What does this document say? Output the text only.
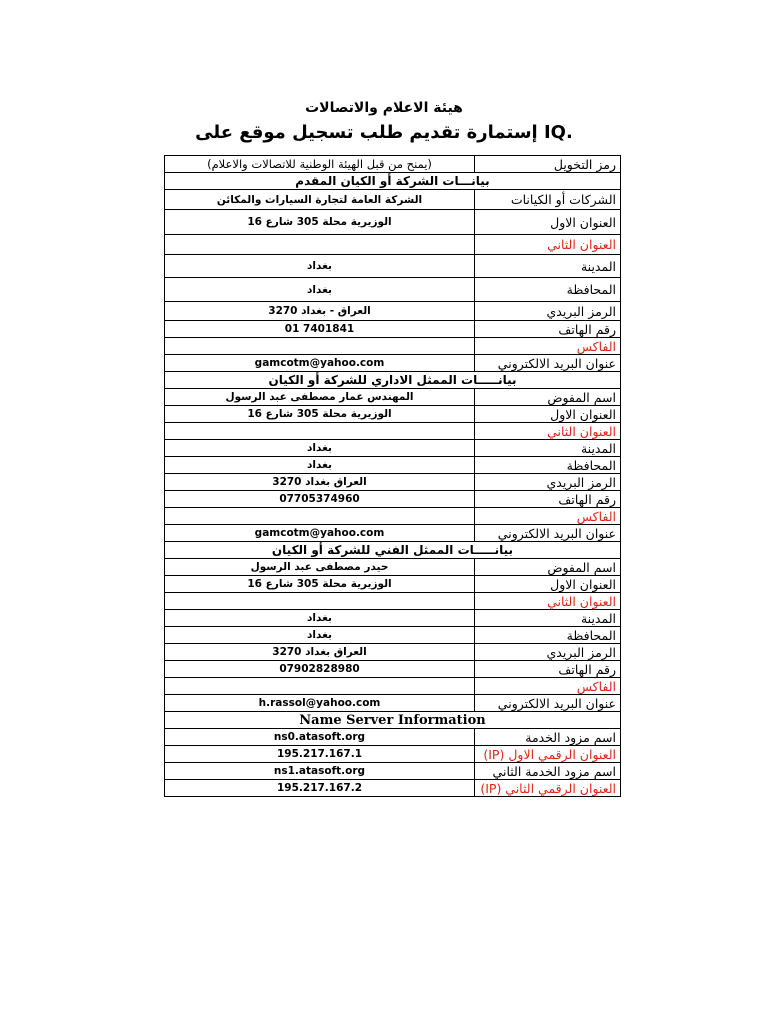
هيئة الاعلام والاتصالات
إستمارة تقديم طلب تسجيل موقع على IQ.
(يمنح من قبل الهيئة الوطنية للاتصالات والاعلام)	رمز التخويل
بيانـــات الشركة أو الكيان المقدم	
الشركة العامة لتجارة السيارات والمكائن	الشركات أو الكيانات
الوزيرية محلة 305 شارع 16	العنوان الاول
	العنوان الثاني
بغداد	المدينة
بغداد	المحافظة
العراق - بغداد 3270	الرمز البريدي
01 7401841	رقم الهاتف
	الفاكس
gamcotm@yahoo.com	عنوان البريد الالكتروني
بيانـــــات الممثل الاداري للشركة أو الكيان	
المهندس عمار مصطفى عبد الرسول	اسم المفوض
الوزيرية محلة 305 شارع 16	العنوان الاول
	العنوان الثاني
بغداد	المدينة
بغداد	المحافظة
العراق بغداد 3270	الرمز البريدي
07705374960	رقم الهاتف
	الفاكس
gamcotm@yahoo.com	عنوان البريد الالكتروني
بيانـــــات الممثل الفني للشركة أو الكيان	
حيدر مصطفى عبد الرسول	اسم المفوض
الوزيرية محلة 305 شارع 16	العنوان الاول
	العنوان الثاني
بغداد	المدينة
بغداد	المحافظة
العراق بغداد 3270	الرمز البريدي
07902828980	رقم الهاتف
	الفاكس
h.rassol@yahoo.com	عنوان البريد الالكتروني
Name Server Information	
ns0.atasoft.org	اسم مزود الخدمة
195.217.167.1	العنوان الرقمي الاول (IP)
ns1.atasoft.org	اسم مزود الخدمة الثاني
195.217.167.2	العنوان الرقمي الثاني (IP)
